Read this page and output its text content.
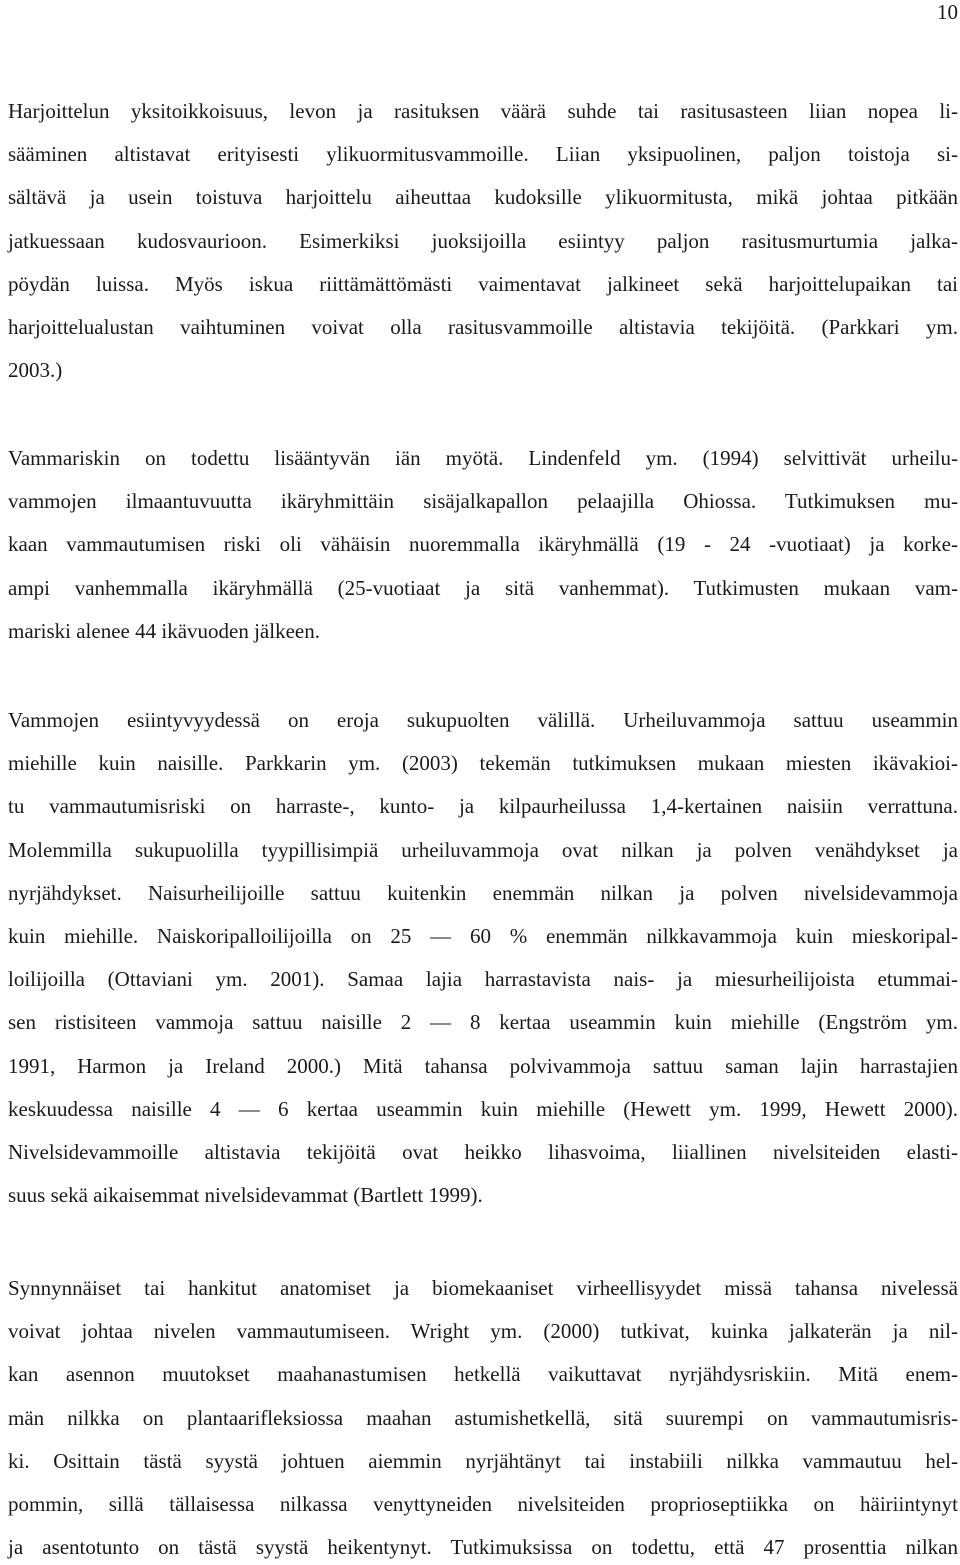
10

Harjoittelun yksitoikkoisuus, levon ja rasituksen väärä suhde tai rasitusasteen liian nopea li-
sääminen altistavat erityisesti ylikuormitusvammoille. Liian yksipuolinen, paljon toistoja si-
sältävä ja usein toistuva harjoittelu aiheuttaa kudoksille ylikuormitusta, mikä johtaa pitkään
jatkuessaan kudosvaurioon. Esimerkiksi juoksijoilla esiintyy paljon rasitusmurtumia jalka-
pöydän luissa. Myös iskua riittämättömästi vaimentavat jalkineet sekä harjoittelupaikan tai
harjoittelualustan vaihtuminen voivat olla rasitusvammoille altistavia tekijöitä. (Parkkari ym.
2003.)
Vammariskin on todettu lisääntyvän iän myötä. Lindenfeld ym. (1994) selvittivät urheilu-
vammojen ilmaantuvuutta ikäryhmittäin sisäjalkapallon pelaajilla Ohiossa. Tutkimuksen mu-
kaan vammautumisen riski oli vähäisin nuoremmalla ikäryhmällä (19 - 24 -vuotiaat) ja korke-
ampi vanhemmalla ikäryhmällä (25-vuotiaat ja sitä vanhemmat). Tutkimusten mukaan vam-
mariski alenee 44 ikävuoden jälkeen.
Vammojen esiintyvyydessä on eroja sukupuolten välillä. Urheiluvammoja sattuu useammin
miehille kuin naisille. Parkkarin ym. (2003) tekemän tutkimuksen mukaan miesten ikävakioi-
tu vammautumisriski on harraste-, kunto- ja kilpaurheilussa 1,4-kertainen naisiin verrattuna.
Molemmilla sukupuolilla tyypillisimpiä urheiluvammoja ovat nilkan ja polven venähdykset ja
nyrjähdykset. Naisurheilijoille sattuu kuitenkin enemmän nilkan ja polven nivelsidevammoja
kuin miehille. Naiskoripalloilijoilla on 25 — 60 % enemmän nilkkavammoja kuin mieskoripal-
loilijoilla (Ottaviani ym. 2001). Samaa lajia harrastavista nais- ja miesurheilijoista etummai-
sen ristisiteen vammoja sattuu naisille 2 — 8 kertaa useammin kuin miehille (Engström ym.
1991, Harmon ja Ireland 2000.) Mitä tahansa polvivammoja sattuu saman lajin harrastajien
keskuudessa naisille 4 — 6 kertaa useammin kuin miehille (Hewett ym. 1999, Hewett 2000).
Nivelsidevammoille altistavia tekijöitä ovat heikko lihasvoima, liiallinen nivelsiteiden elasti-
suus sekä aikaisemmat nivelsidevammat (Bartlett 1999).
Synnynnäiset tai hankitut anatomiset ja biomekaaniset virheellisyydet missä tahansa nivelessä
voivat johtaa nivelen vammautumiseen. Wright ym. (2000) tutkivat, kuinka jalkaterän ja nil-
kan asennon muutokset maahanastumisen hetkellä vaikuttavat nyrjähdysriskiin. Mitä enem-
män nilkka on plantaarifleksiossa maahan astumishetkellä, sitä suurempi on vammautumisris-
ki. Osittain tästä syystä johtuen aiemmin nyrjähtänyt tai instabiili nilkka vammautuu hel-
pommin, sillä tällaisessa nilkassa venyttyneiden nivelsiteiden proprioseptiikka on häiriintynyt
ja asentotunto on tästä syystä heikentynyt. Tutkimuksissa on todettu, että 47 prosenttia nilkan
